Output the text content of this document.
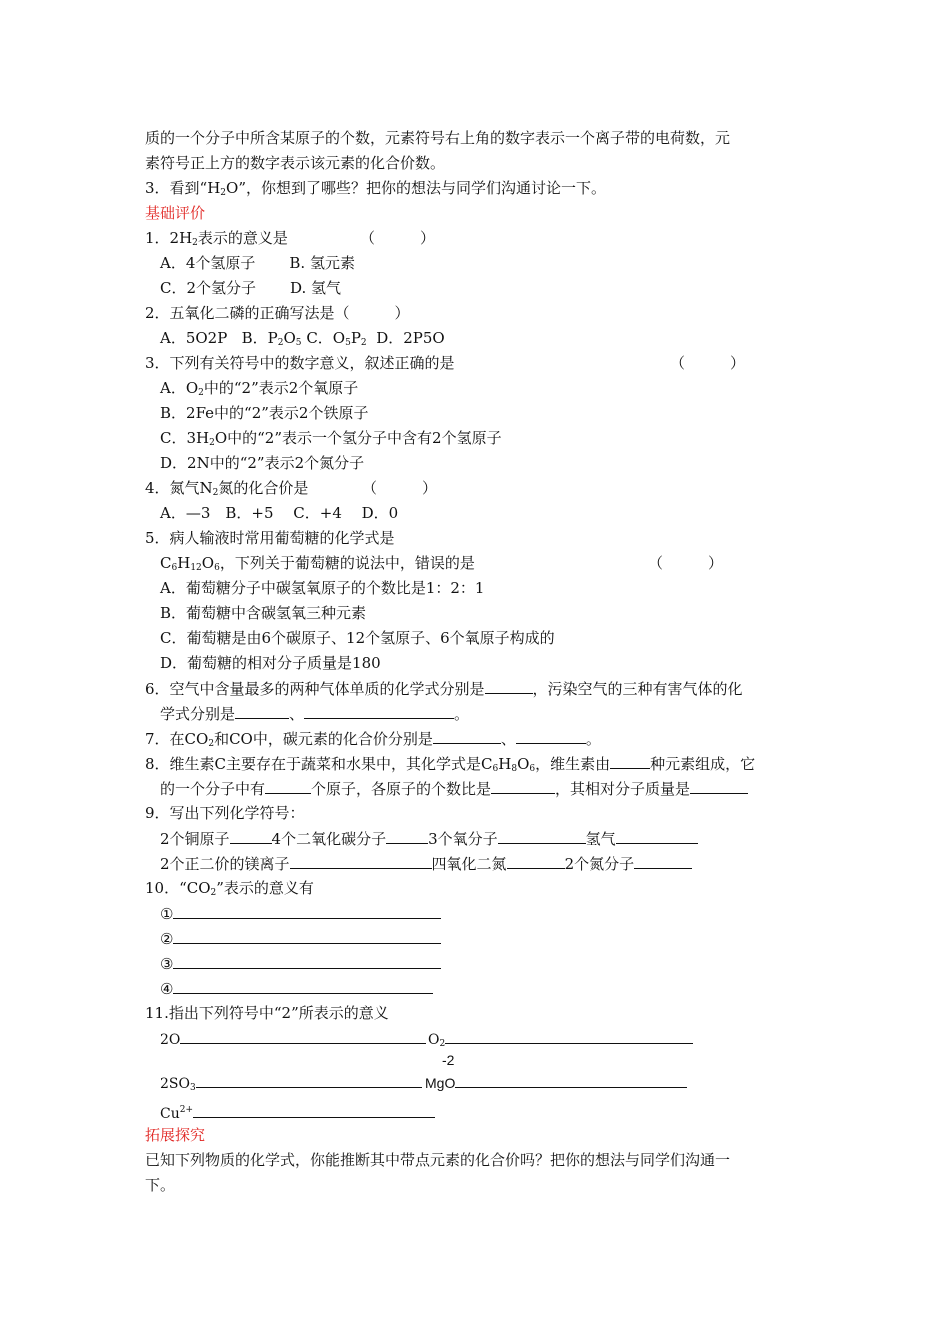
质的一个分子中所含某原子的个数，元素符号右上角的数字表示一个离子带的电荷数，元
素符号正上方的数字表示该元素的化合价数。
3．看到“$H_2O$”，你想到了哪些？把你的想法与同学们沟通讨论一下。
基础评价
1．$2H_2$表示的意义是	（　　　）
A．4个氢原子 B. 氢元素
C．2个氢分子 D. 氢气
2．五氧化二磷的正确写法是（　　　）
A．5O2P B．$P_2O_5$ C．$O_5P_2$ D．2P5O
3．下列有关符号中的数字意义，叙述正确的是	（　　　）
A．$O_2$中的“2”表示2个氧原子
B．2Fe中的“2”表示2个铁原子
C．$3H_2O$中的“2”表示一个氢分子中含有2个氢原子
D．2N中的“2”表示2个氮分子
4．氮气$N_2$氮的化合价是	（　　　）
A．—3　B．+5　 C．+4　 D．0
5．病人输液时常用葡萄糖的化学式是
$C_6H_{12}O_6$，下列关于葡萄糖的说法中，错误的是	（　　　）
A．葡萄糖分子中碳氢氧原子的个数比是1：2：1
B．葡萄糖中含碳氢氧三种元素
C．葡萄糖是由6个碳原子、12个氢原子、6个氧原子构成的
D．葡萄糖的相对分子质量是180
6．空气中含量最多的两种气体单质的化学式分别是	，污染空气的三种有害气体的化
学式分别是	、	。
7．在$CO_2$和CO中，碳元素的化合价分别是	、	。
8．维生素C主要存在于蔬菜和水果中，其化学式是$C_6H_8O_6$，维生素由	种元素组成，它
的一个分子中有	个原子，各原子的个数比是	，其相对分子质量是
9．写出下列化学符号：
2个铜原子	4个二氧化碳分子	3个氧分子	氢气
2个正二价的镁离子	四氧化二氮	2个氮分子
10．“$CO_2$”表示的意义有
①
②
③
④
11.指出下列符号中“2”所表示的意义
2O	$O_2$
-2
$2SO_3$	MgO
$Cu^{2+}$
拓展探究
已知下列物质的化学式，你能推断其中带点元素的化合价吗？把你的想法与同学们沟通一
下。
